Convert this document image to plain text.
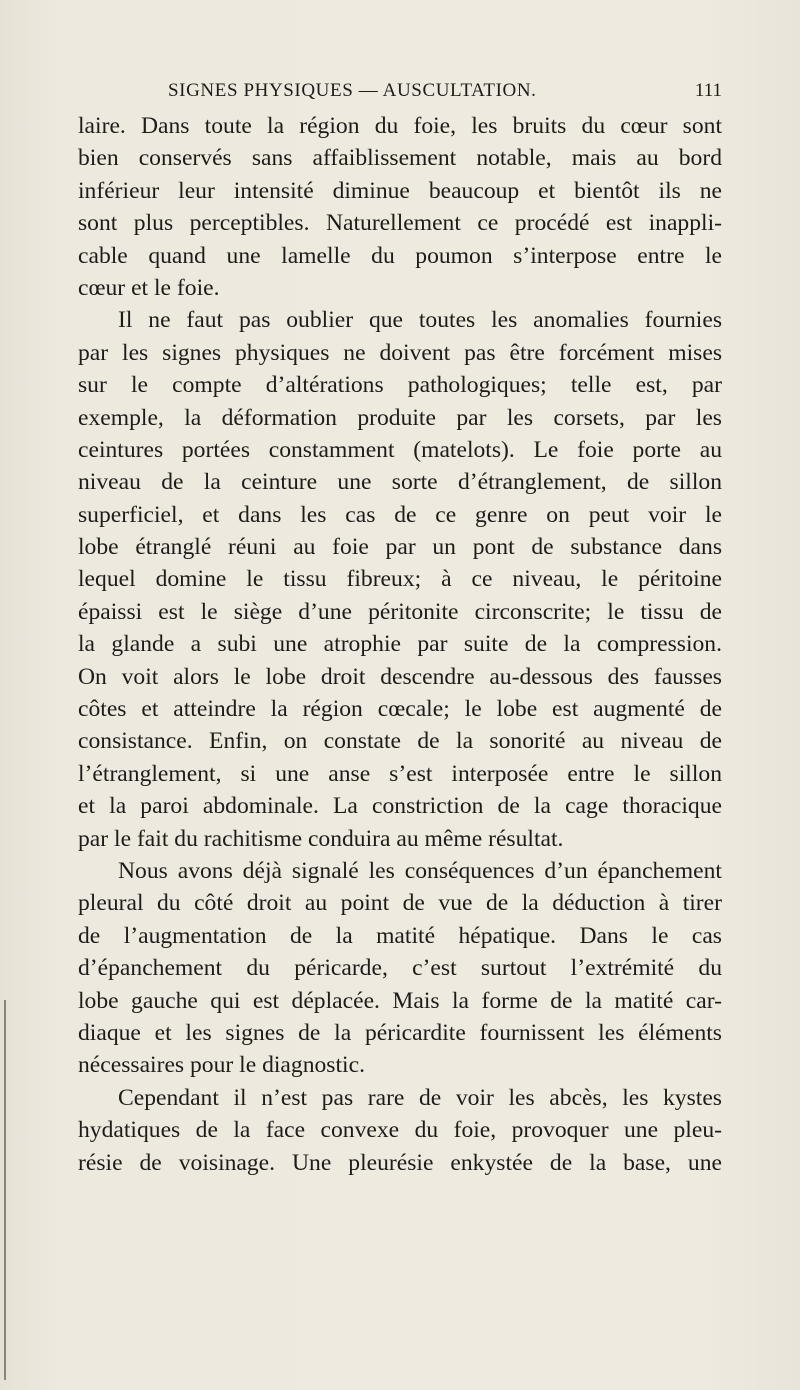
SIGNES PHYSIQUES — AUSCULTATION.	111
laire. Dans toute la région du foie, les bruits du cœur sont
bien conservés sans affaiblissement notable, mais au bord
inférieur leur intensité diminue beaucoup et bientôt ils ne
sont plus perceptibles. Naturellement ce procédé est inappli-
cable quand une lamelle du poumon s’interpose entre le
cœur et le foie.
Il ne faut pas oublier que toutes les anomalies fournies
par les signes physiques ne doivent pas être forcément mises
sur le compte d’altérations pathologiques; telle est, par
exemple, la déformation produite par les corsets, par les
ceintures portées constamment (matelots). Le foie porte au
niveau de la ceinture une sorte d’étranglement, de sillon
superficiel, et dans les cas de ce genre on peut voir le
lobe étranglé réuni au foie par un pont de substance dans
lequel domine le tissu fibreux; à ce niveau, le péritoine
épaissi est le siège d’une péritonite circonscrite; le tissu de
la glande a subi une atrophie par suite de la compression.
On voit alors le lobe droit descendre au-dessous des fausses
côtes et atteindre la région cœcale; le lobe est augmenté de
consistance. Enfin, on constate de la sonorité au niveau de
l’étranglement, si une anse s’est interposée entre le sillon
et la paroi abdominale. La constriction de la cage thoracique
par le fait du rachitisme conduira au même résultat.
Nous avons déjà signalé les conséquences d’un épanchement
pleural du côté droit au point de vue de la déduction à tirer
de l’augmentation de la matité hépatique. Dans le cas
d’épanchement du péricarde, c’est surtout l’extrémité du
lobe gauche qui est déplacée. Mais la forme de la matité car-
diaque et les signes de la péricardite fournissent les éléments
nécessaires pour le diagnostic.
Cependant il n’est pas rare de voir les abcès, les kystes
hydatiques de la face convexe du foie, provoquer une pleu-
résie de voisinage. Une pleurésie enkystée de la base, une
